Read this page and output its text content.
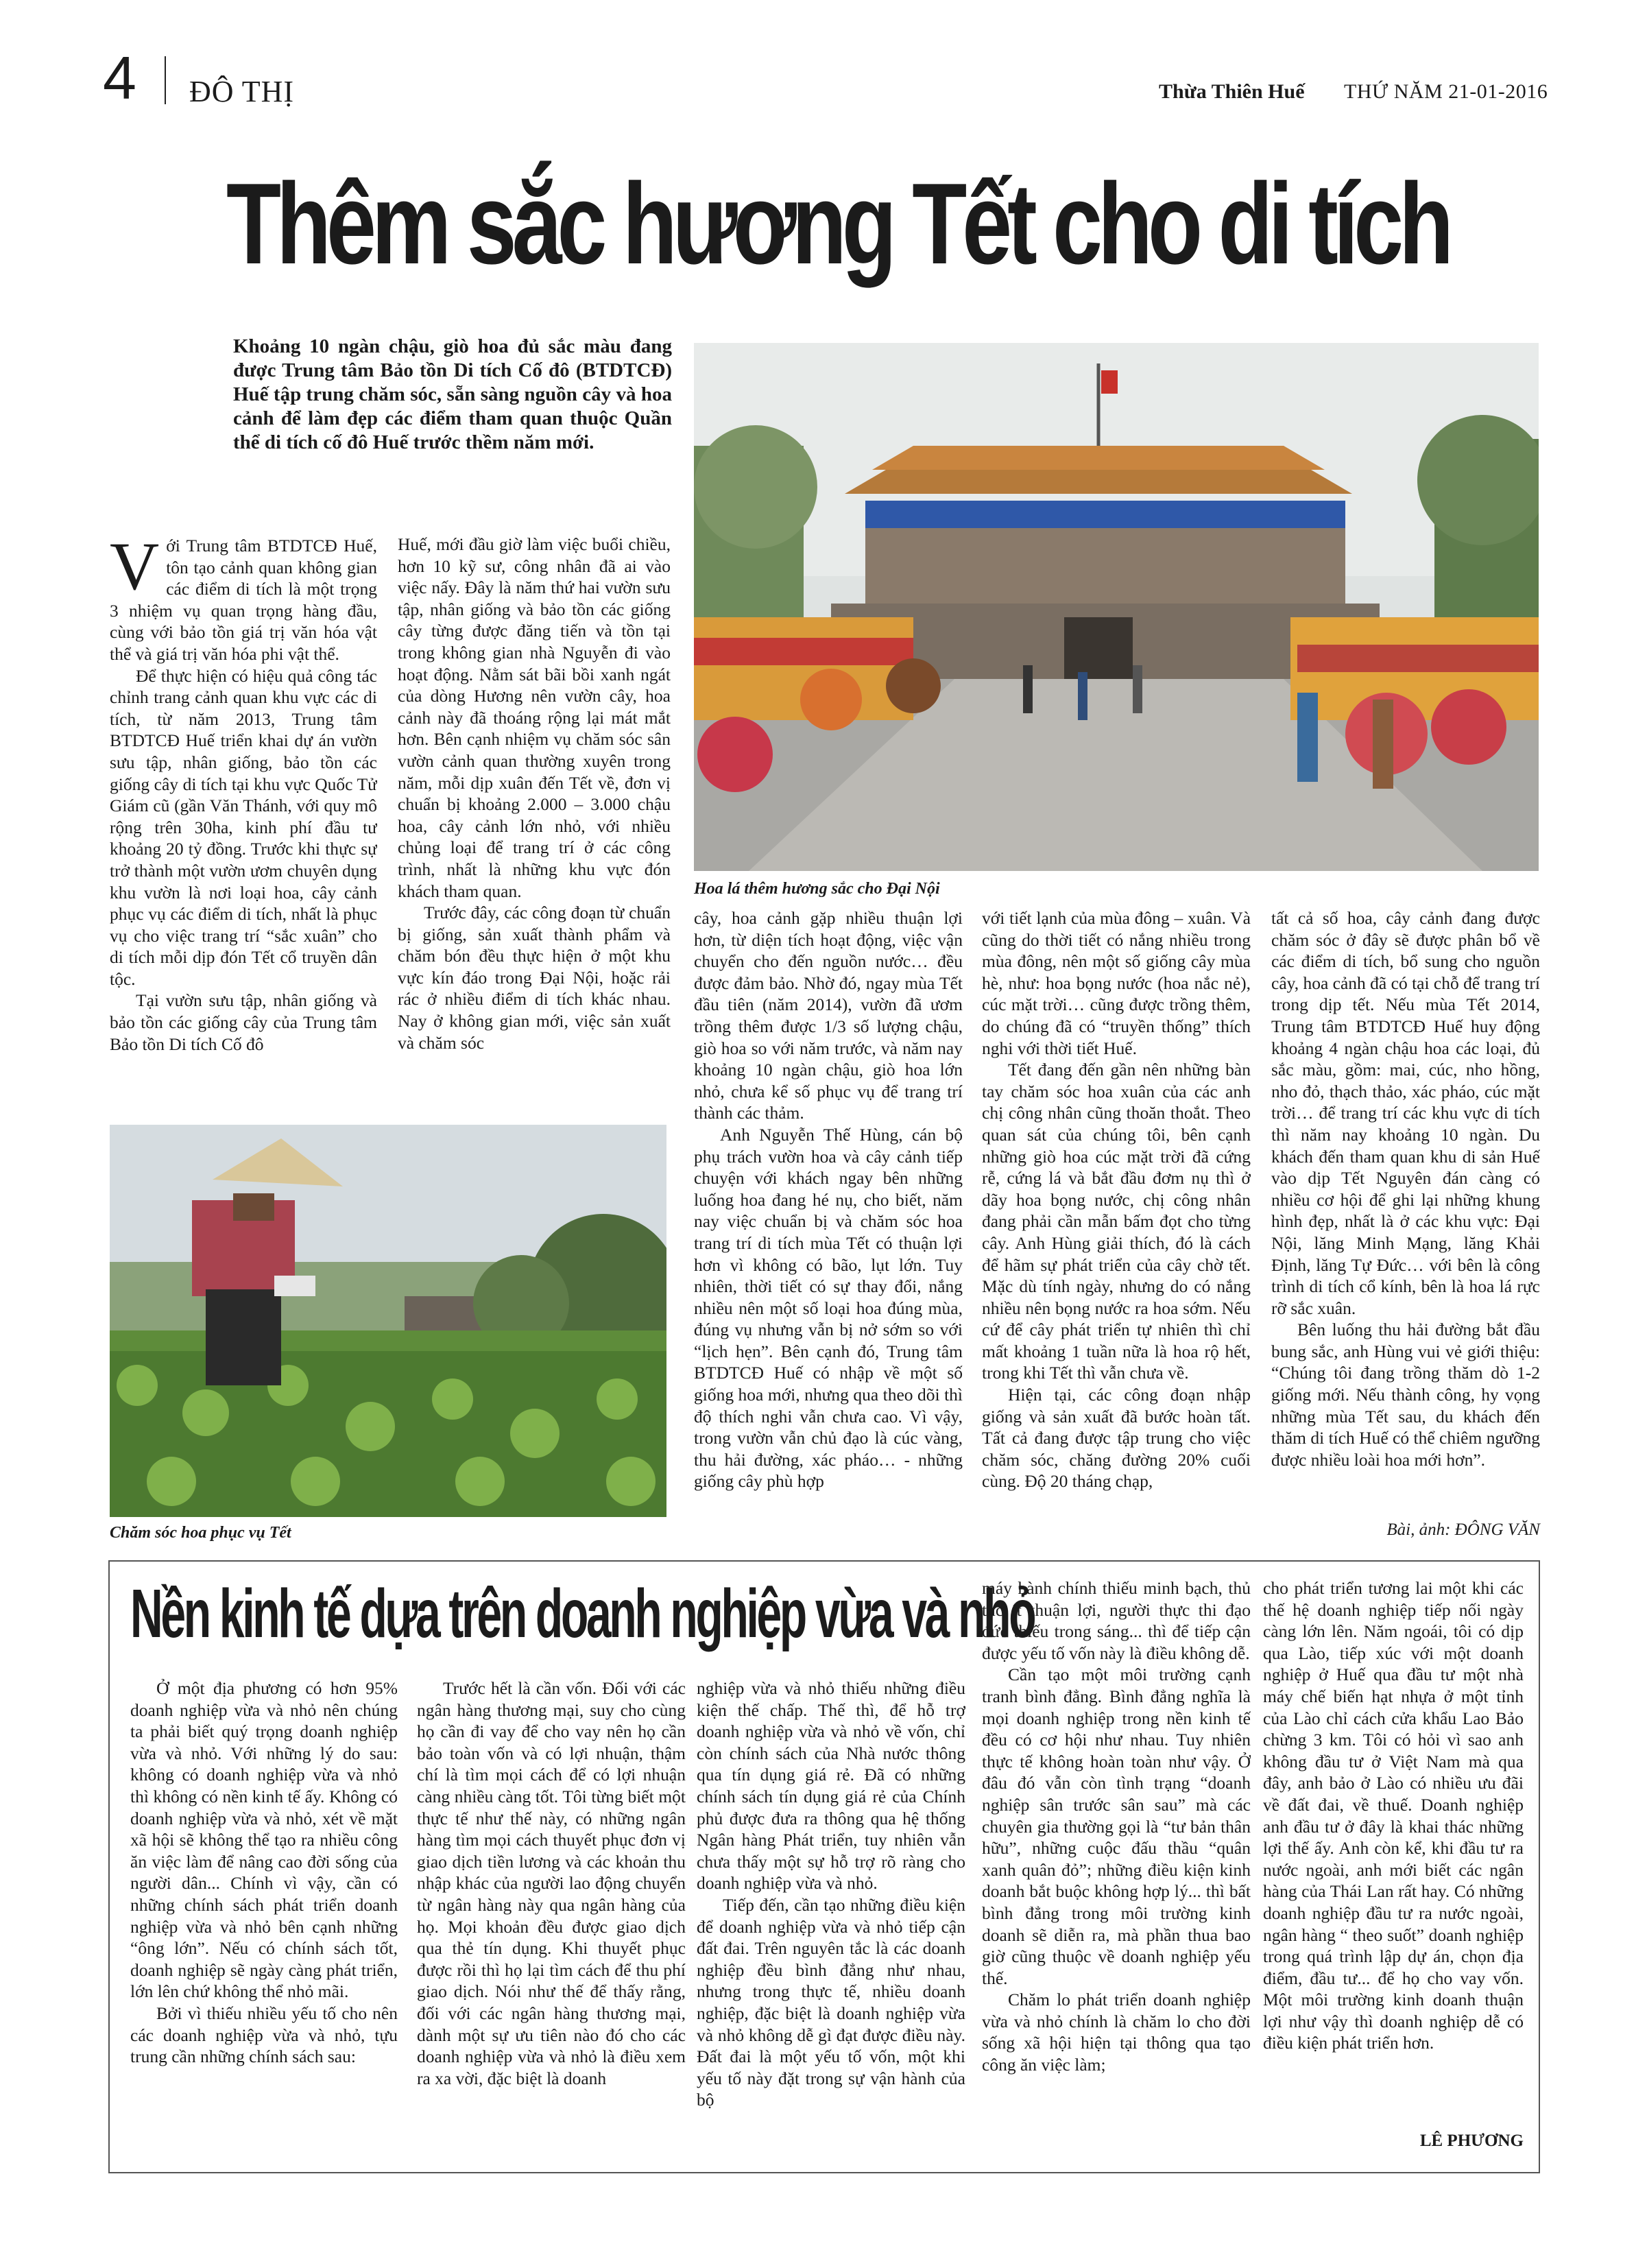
4 ĐÔ THỊ	Thừa Thiên Huế THỨ NĂM 21-01-2016
Thêm sắc hương Tết cho di tích
Khoảng 10 ngàn chậu, giò hoa đủ sắc màu đang được Trung tâm Bảo tồn Di tích Cố đô (BTDTCĐ) Huế tập trung chăm sóc, sẵn sàng nguồn cây và hoa cảnh để làm đẹp các điểm tham quan thuộc Quần thể di tích cố đô Huế trước thềm năm mới.
Hoa lá thêm hương sắc cho Đại Nội

Với Trung tâm BTDTCĐ Huế, tôn tạo cảnh quan không gian các điểm di tích là một trọng 3 nhiệm vụ quan trọng hàng đầu, cùng với bảo tồn giá trị văn hóa vật thể và giá trị văn hóa phi vật thể.

Để thực hiện có hiệu quả công tác chỉnh trang cảnh quan khu vực các di tích, từ năm 2013, Trung tâm BTDTCĐ Huế triển khai dự án vườn sưu tập, nhân giống, bảo tồn các giống cây di tích tại khu vực Quốc Tử Giám cũ (gần Văn Thánh, với quy mô rộng trên 30ha, kinh phí đầu tư khoảng 20 tỷ đồng. Trước khi thực sự trở thành một vườn ươm chuyên dụng khu vườn là nơi loại hoa, cây cảnh phục vụ các điểm di tích, nhất là phục vụ cho việc trang trí “sắc xuân” cho di tích mỗi dịp đón Tết cổ truyền dân tộc.

Tại vườn sưu tập, nhân giống và bảo tồn các giống cây của Trung tâm Bảo tồn Di tích Cố đô

Huế, mới đầu giờ làm việc buổi chiều, hơn 10 kỹ sư, công nhân đã ai vào việc nấy. Đây là năm thứ hai vườn sưu tập, nhân giống và bảo tồn các giống cây từng được đăng tiến và tồn tại trong không gian nhà Nguyễn đi vào hoạt động. Nằm sát bãi bồi xanh ngát của dòng Hương nên vườn cây, hoa cảnh này đã thoáng rộng lại mát mắt hơn. Bên cạnh nhiệm vụ chăm sóc sân vườn cảnh quan thường xuyên trong năm, mỗi dịp xuân đến Tết về, đơn vị chuẩn bị khoảng 2.000 – 3.000 chậu hoa, cây cảnh lớn nhỏ, với nhiều chủng loại để trang trí ở các công trình, nhất là những khu vực đón khách tham quan.

Trước đây, các công đoạn từ chuẩn bị giống, sản xuất thành phẩm và chăm bón đều thực hiện ở một khu vực kín đáo trong Đại Nội, hoặc rải rác ở nhiều điểm di tích khác nhau. Nay ở không gian mới, việc sản xuất và chăm sóc

cây, hoa cảnh gặp nhiều thuận lợi hơn, từ diện tích hoạt động, việc vận chuyển cho đến nguồn nước… đều được đảm bảo. Nhờ đó, ngay mùa Tết đầu tiên (năm 2014), vườn đã ươm trồng thêm được 1/3 số lượng chậu, giò hoa so với năm trước, và năm nay khoảng 10 ngàn chậu, giò hoa lớn nhỏ, chưa kể số phục vụ để trang trí thành các thảm.

Anh Nguyễn Thế Hùng, cán bộ phụ trách vườn hoa và cây cảnh tiếp chuyện với khách ngay bên những luống hoa đang hé nụ, cho biết, năm nay việc chuẩn bị và chăm sóc hoa trang trí di tích mùa Tết có thuận lợi hơn vì không có bão, lụt lớn. Tuy nhiên, thời tiết có sự thay đổi, nắng nhiều nên một số loại hoa đúng mùa, đúng vụ nhưng vẫn bị nở sớm so với “lịch hẹn”. Bên cạnh đó, Trung tâm BTDTCĐ Huế có nhập về một số giống hoa mới, nhưng qua theo dõi thì độ thích nghi vẫn chưa cao. Vì vậy, trong vườn vẫn chủ đạo là cúc vàng, thu hải đường, xác pháo… - những giống cây phù hợp

với tiết lạnh của mùa đông – xuân. Và cũng do thời tiết có nắng nhiều trong mùa đông, nên một số giống cây mùa hè, như: hoa bọng nước (hoa nắc nẻ), cúc mặt trời… cũng được trồng thêm, do chúng đã có “truyền thống” thích nghi với thời tiết Huế.

Tết đang đến gần nên những bàn tay chăm sóc hoa xuân của các anh chị công nhân cũng thoăn thoắt. Theo quan sát của chúng tôi, bên cạnh những giò hoa cúc mặt trời đã cứng rễ, cứng lá và bắt đầu đơm nụ thì ở dãy hoa bọng nước, chị công nhân đang phải cần mẫn bấm đọt cho từng cây. Anh Hùng giải thích, đó là cách để hãm sự phát triển của cây chờ tết. Mặc dù tính ngày, nhưng do có nắng nhiều nên bọng nước ra hoa sớm. Nếu cứ để cây phát triển tự nhiên thì chỉ mất khoảng 1 tuần nữa là hoa rộ hết, trong khi Tết thì vẫn chưa về.

Hiện tại, các công đoạn nhập giống và sản xuất đã bước hoàn tất. Tất cả đang được tập trung cho việc chăm sóc, chăng đường 20% cuối cùng. Độ 20 tháng chạp,

tất cả số hoa, cây cảnh đang được chăm sóc ở đây sẽ được phân bổ về các điểm di tích, bổ sung cho nguồn cây, hoa cảnh đã có tại chỗ để trang trí trong dịp tết. Nếu mùa Tết 2014, Trung tâm BTDTCĐ Huế huy động khoảng 4 ngàn chậu hoa các loại, đủ sắc màu, gồm: mai, cúc, nho hồng, nho đỏ, thạch thảo, xác pháo, cúc mặt trời… để trang trí các khu vực di tích thì năm nay khoảng 10 ngàn. Du khách đến tham quan khu di sản Huế vào dịp Tết Nguyên đán càng có nhiều cơ hội để ghi lại những khung hình đẹp, nhất là ở các khu vực: Đại Nội, lăng Minh Mạng, lăng Khải Định, lăng Tự Đức… với bên là công trình di tích cổ kính, bên là hoa lá rực rỡ sắc xuân.

Bên luống thu hải đường bắt đầu bung sắc, anh Hùng vui vẻ giới thiệu: “Chúng tôi đang trồng thăm dò 1-2 giống mới. Nếu thành công, hy vọng những mùa Tết sau, du khách đến thăm di tích Huế có thể chiêm ngưỡng được nhiều loài hoa mới hơn”.

Bài, ảnh: ĐÔNG VĂN
Chăm sóc hoa phục vụ Tết
Nền kinh tế dựa trên doanh nghiệp vừa và nhỏ

Ở một địa phương có hơn 95% doanh nghiệp vừa và nhỏ nên chúng ta phải biết quý trọng doanh nghiệp vừa và nhỏ. Với những lý do sau: không có doanh nghiệp vừa và nhỏ thì không có nền kinh tế ấy. Không có doanh nghiệp vừa và nhỏ, xét về mặt xã hội sẽ không thể tạo ra nhiều công ăn việc làm để nâng cao đời sống của người dân... Chính vì vậy, cần có những chính sách phát triển doanh nghiệp vừa và nhỏ bên cạnh những “ông lớn”. Nếu có chính sách tốt, doanh nghiệp sẽ ngày càng phát triển, lớn lên chứ không thể nhỏ mãi.

Bởi vì thiếu nhiều yếu tố cho nên các doanh nghiệp vừa và nhỏ, tựu trung cần những chính sách sau:

Trước hết là cần vốn. Đối với các ngân hàng thương mại, suy cho cùng họ cần đi vay để cho vay nên họ cần bảo toàn vốn và có lợi nhuận, thậm chí là tìm mọi cách để có lợi nhuận càng nhiều càng tốt. Tôi từng biết một thực tế như thế này, có những ngân hàng tìm mọi cách thuyết phục đơn vị giao dịch tiền lương và các khoản thu nhập khác của người lao động chuyển từ ngân hàng này qua ngân hàng của họ. Mọi khoản đều được giao dịch qua thẻ tín dụng. Khi thuyết phục được rồi thì họ lại tìm cách để thu phí giao dịch. Nói như thế để thấy rằng, đối với các ngân hàng thương mại, dành một sự ưu tiên nào đó cho các doanh nghiệp vừa và nhỏ là điều xem ra xa vời, đặc biệt là doanh

nghiệp vừa và nhỏ thiếu những điều kiện thế chấp. Thế thì, để hỗ trợ doanh nghiệp vừa và nhỏ về vốn, chỉ còn chính sách của Nhà nước thông qua tín dụng giá rẻ. Đã có những chính sách tín dụng giá rẻ của Chính phủ được đưa ra thông qua hệ thống Ngân hàng Phát triển, tuy nhiên vẫn chưa thấy một sự hỗ trợ rõ ràng cho doanh nghiệp vừa và nhỏ.

Tiếp đến, cần tạo những điều kiện để doanh nghiệp vừa và nhỏ tiếp cận đất đai. Trên nguyên tắc là các doanh nghiệp đều bình đẳng như nhau, nhưng trong thực tế, nhiều doanh nghiệp, đặc biệt là doanh nghiệp vừa và nhỏ không dễ gì đạt được điều này. Đất đai là một yếu tố vốn, một khi yếu tố này đặt trong sự vận hành của bộ

máy hành chính thiếu minh bạch, thủ tục ít thuận lợi, người thực thi đạo đức thiếu trong sáng... thì để tiếp cận được yếu tố vốn này là điều không dễ.

Cần tạo một môi trường cạnh tranh bình đẳng. Bình đẳng nghĩa là mọi doanh nghiệp trong nền kinh tế đều có cơ hội như nhau. Tuy nhiên thực tế không hoàn toàn như vậy. Ở đâu đó vẫn còn tình trạng “doanh nghiệp sân trước sân sau” mà các chuyên gia thường gọi là “tư bản thân hữu”, những cuộc đấu thầu “quân xanh quân đỏ”; những điều kiện kinh doanh bắt buộc không hợp lý... thì bất bình đẳng trong môi trường kinh doanh sẽ diễn ra, mà phần thua bao giờ cũng thuộc về doanh nghiệp yếu thế.

Chăm lo phát triển doanh nghiệp vừa và nhỏ chính là chăm lo cho đời sống xã hội hiện tại thông qua tạo công ăn việc làm;

cho phát triển tương lai một khi các thế hệ doanh nghiệp tiếp nối ngày càng lớn lên. Năm ngoái, tôi có dịp qua Lào, tiếp xúc với một doanh nghiệp ở Huế qua đầu tư một nhà máy chế biến hạt nhựa ở một tỉnh của Lào chỉ cách cửa khẩu Lao Bảo chừng 3 km. Tôi có hỏi vì sao anh không đầu tư ở Việt Nam mà qua đây, anh bảo ở Lào có nhiều ưu đãi về đất đai, về thuế. Doanh nghiệp anh đầu tư ở đây là khai thác những lợi thế ấy. Anh còn kể, khi đầu tư ra nước ngoài, anh mới biết các ngân hàng của Thái Lan rất hay. Có những doanh nghiệp đầu tư ra nước ngoài, ngân hàng “ theo suốt” doanh nghiệp trong quá trình lập dự án, chọn địa điểm, đầu tư... để họ cho vay vốn. Một môi trường kinh doanh thuận lợi như vậy thì doanh nghiệp dễ có điều kiện phát triển hơn.

LÊ PHƯƠNG
